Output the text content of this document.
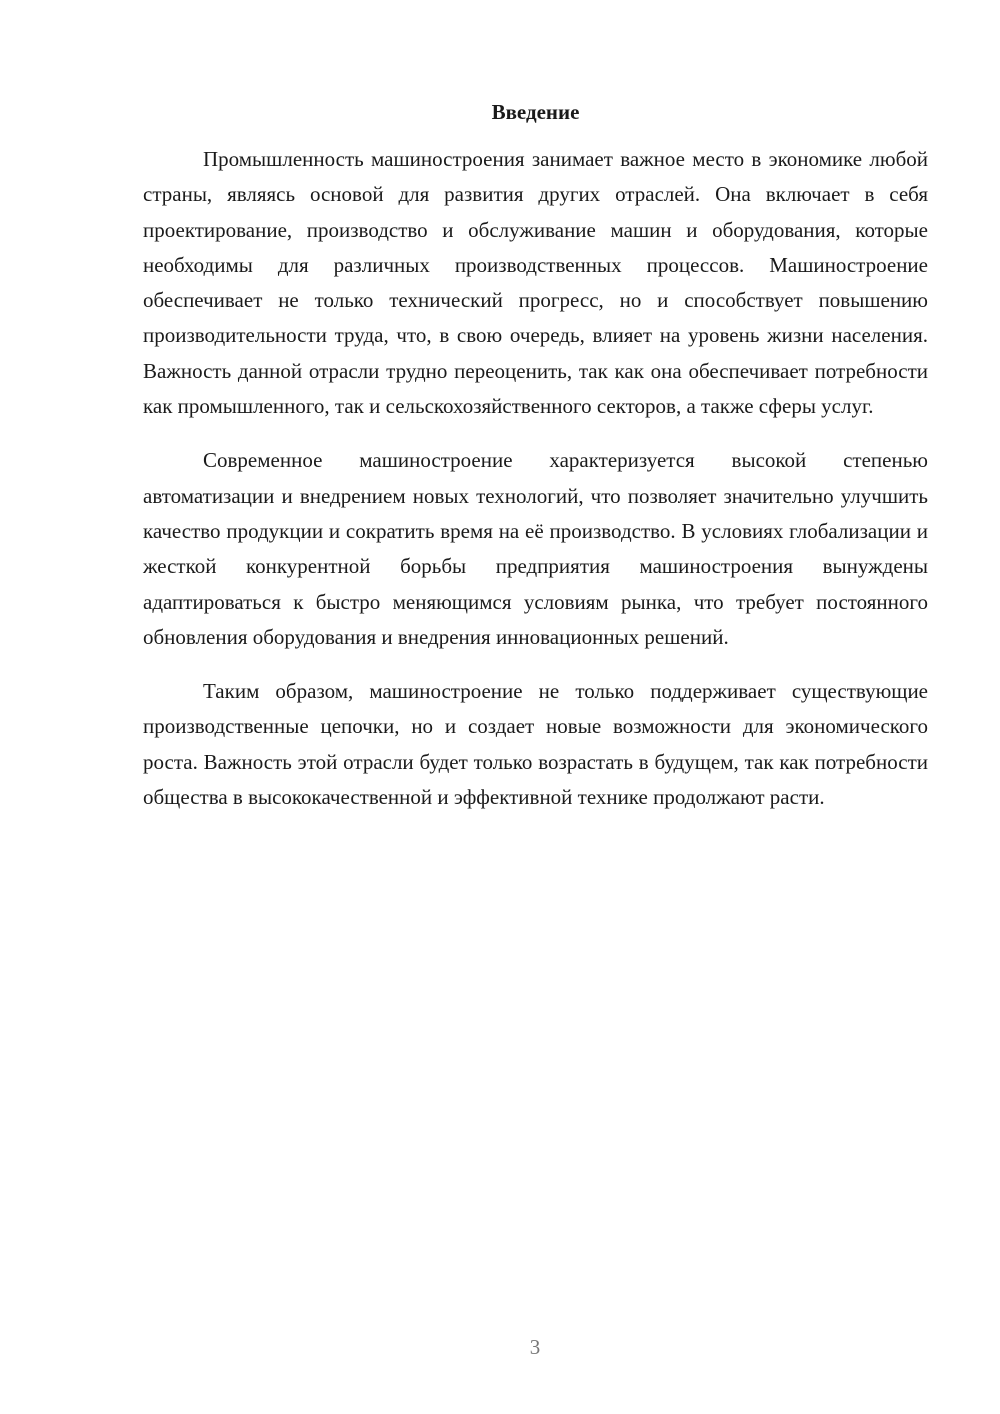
Введение

Промышленность машиностроения занимает важное место в экономике любой страны, являясь основой для развития других отраслей. Она включает в себя проектирование, производство и обслуживание машин и оборудования, которые необходимы для различных производственных процессов. Машиностроение обеспечивает не только технический прогресс, но и способствует повышению производительности труда, что, в свою очередь, влияет на уровень жизни населения. Важность данной отрасли трудно переоценить, так как она обеспечивает потребности как промышленного, так и сельскохозяйственного секторов, а также сферы услуг.

Современное машиностроение характеризуется высокой степенью автоматизации и внедрением новых технологий, что позволяет значительно улучшить качество продукции и сократить время на её производство. В условиях глобализации и жесткой конкурентной борьбы предприятия машиностроения вынуждены адаптироваться к быстро меняющимся условиям рынка, что требует постоянного обновления оборудования и внедрения инновационных решений.

Таким образом, машиностроение не только поддерживает существующие производственные цепочки, но и создает новые возможности для экономического роста. Важность этой отрасли будет только возрастать в будущем, так как потребности общества в высококачественной и эффективной технике продолжают расти.

3
